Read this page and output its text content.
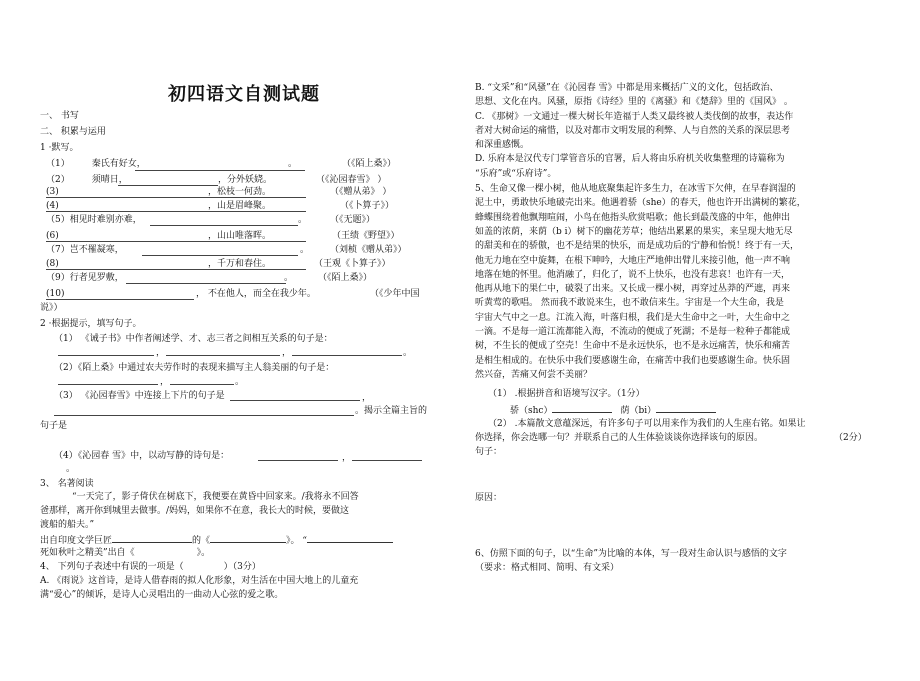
初四语文自测试题
一、 书写
二、 积累与运用
1 ·默写。
（1） 秦氏有好女，	。	（《陌上桑》）
（2） 须晴日，	，分外妖娆。	（《沁园春雪》 ）
(3)	，松枝一何劲。	（《赠从弟》 ）
(4)	，山是眉峰聚。	（《卜算子》）
（5）相见时难别亦难，	。	（《无题》）
(6)	，山山唯落晖。	（王绩《野望》）
（7）岂不罹凝寒，	。 （刘桢《赠从弟》）
(8)	，千万和春住。	（王观《卜算子》）
（9）行者见罗敷，	。	（《陌上桑》）
(10)	， 不在他人，而全在我少年。	（《少年中国
说》）
2 ·根据提示，填写句子。
（1） 《诫子书》中作者阐述学、才、志三者之间相互关系的句子是：
，	，	。
（2）《陌上桑》中通过农夫劳作时的表现来描写主人翁美丽的句子是：
，	。
（3） 《沁园春雪》中连接上下片的句子是	，
。揭示全篇主旨的
句子是
（4）《沁园春 雪》中，以动写静的诗句是：	，
。
3、 名著阅读
“一天完了，影子倚伏在树底下，我便要在黄昏中回家来。/我将永不回答
爸那样，离开你到城里去做事。/妈妈，如果你不在意，我长大的时候，要做这
渡船的船夫。”
出自印度文学巨匠	的《	》。 “
死如秋叶之精美”出自《	》。
4、 下列句子表述中有误的一项是（	）（3分）
A. 《雨说》这首诗，是诗人借春雨的拟人化形象，对生活在中国大地上的儿童充
满“爱心”的倾诉，是诗人心灵唱出的一曲动人心弦的爱之歌。
B. “文采”和“风骚”在《沁园春 雪》中都是用来概括广义的文化，包括政治、
思想、文化在内。风骚，原指《诗经》里的《离骚》和《楚辞》里的《国风》 。
C. 《那树》一文通过一棵大树长年造福于人类又最终被人类伐倒的故事，表达作
者对大树命运的痛惜，以及对都市文明发展的利弊、人与自然的关系的深层思考
和深重感慨。
D. 乐府本是汉代专门掌管音乐的官署，后人将由乐府机关收集整理的诗篇称为
“乐府”或“乐府诗”。
5、生命又像一棵小树，他从地底聚集起许多生力，在冰雪下欠伸，在早春润湿的
泥土中，勇敢快乐地破壳出来。他遇着骄（she）的春天，他也许开出满树的繁花，
蜂蝶围绕着他飘翔喧闹，小鸟在他指头欣赏唱歌；他长到最茂盛的中年，他伸出
如盖的浓荫，来荫（b i）树下的幽花芳草；他结出累累的果实，来呈现大地无尽
的甜美和在的骄傲，也不是结果的快乐，而是成功后的宁静和怡悦！终于有一天，
他无力地在空中旋舞，在根下呻吟，大地庄严地伸出臂儿来接引他，他一声不响
地落在她的怀里。他消融了，归化了，说不上快乐，也没有悲哀！也许有一天，
他再从地下的果仁中，破裂了出来。又长成一棵小树，再穿过丛莽的严遮，再来
听黄莺的歌唱。 然而我不敢说来生，也不敢信来生。宇宙是一个大生命，我是
宇宙大气中之一息。江流入海，叶落归根，我们是大生命中之一叶，大生命中之
一滴。不是每一道江流都能入海，不流动的便成了死湖；不是每一粒种子都能成
树，不生长的便成了空壳！生命中不是永远快乐，也不是永远痛苦，快乐和痛苦
是相生相成的。在快乐中我们要感谢生命，在痛苦中我们也要感谢生命。快乐固
然兴奋，苦痛又何尝不美丽？
（1） .根据拼音和语境写汉字。（1分）
骄（shc）	荫（bi）
（2） .本篇散文意蕴深远，有许多句子可以用来作为我们的人生座右铭。如果让
你选择，你会选哪一句？并联系自己的人生体验谈谈你选择该句的原因。	（2分）
句子：
原因：
6、仿照下面的句子，以“生命”为比喻的本体，写一段对生命认识与感悟的文字
（要求：格式相同、简明、有文采）
